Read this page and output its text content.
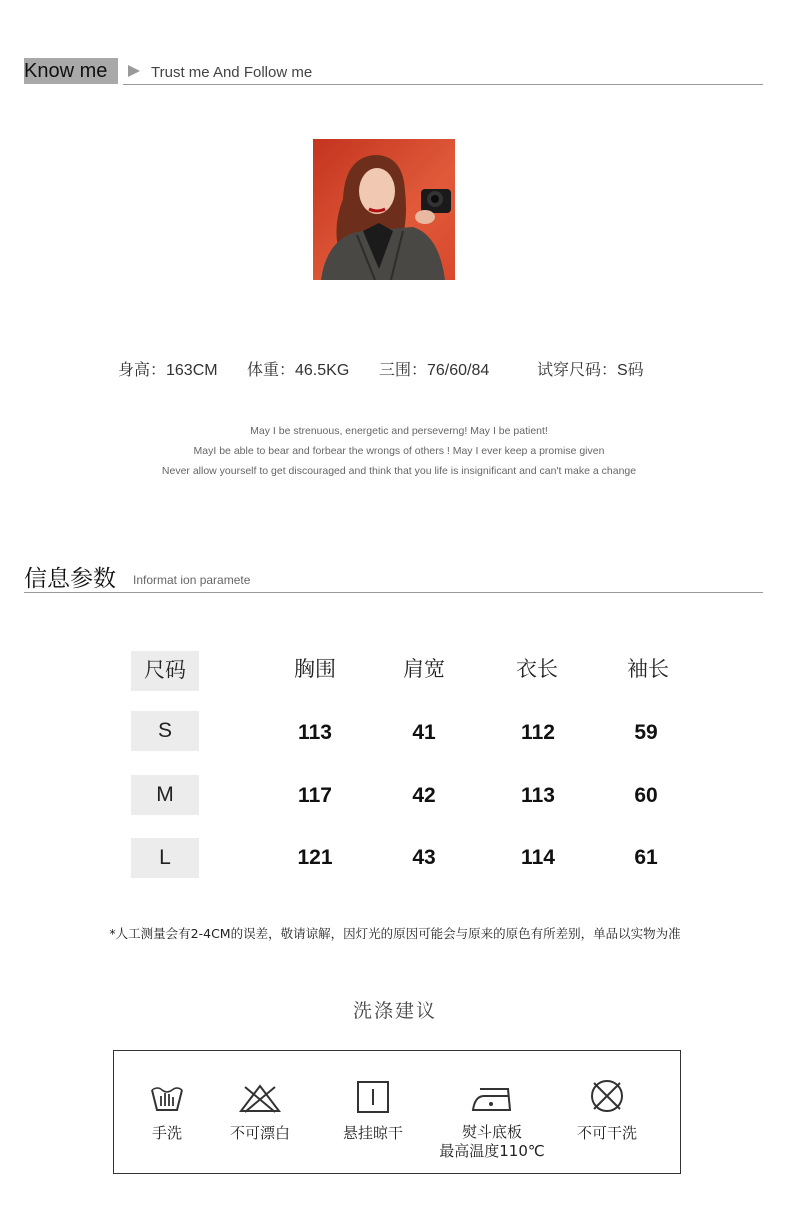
Know me	Trust me And Follow me
身高：163CM 体重：46.5KG 三围：76/60/84	试穿尺码：S码
May I be strenuous, energetic and perseverng! May I be patient!
MayI be able to bear and forbear the wrongs of others ! May I ever keep a promise given
Never allow yourself to get discouraged and think that you life is insignificant and can't make a change
信息参数 Informat ion paramete
尺码	胸围	肩宽	衣长	袖长
S	113	41	112	59
M	117	42	113	60
L	121	43	114	61
*人工测量会有2-4CM的误差，敬请谅解，因灯光的原因可能会与原来的原色有所差别，单品以实物为准
洗涤建议
手洗	不可漂白	悬挂晾干	熨斗底板
最高温度110℃
不可干洗
